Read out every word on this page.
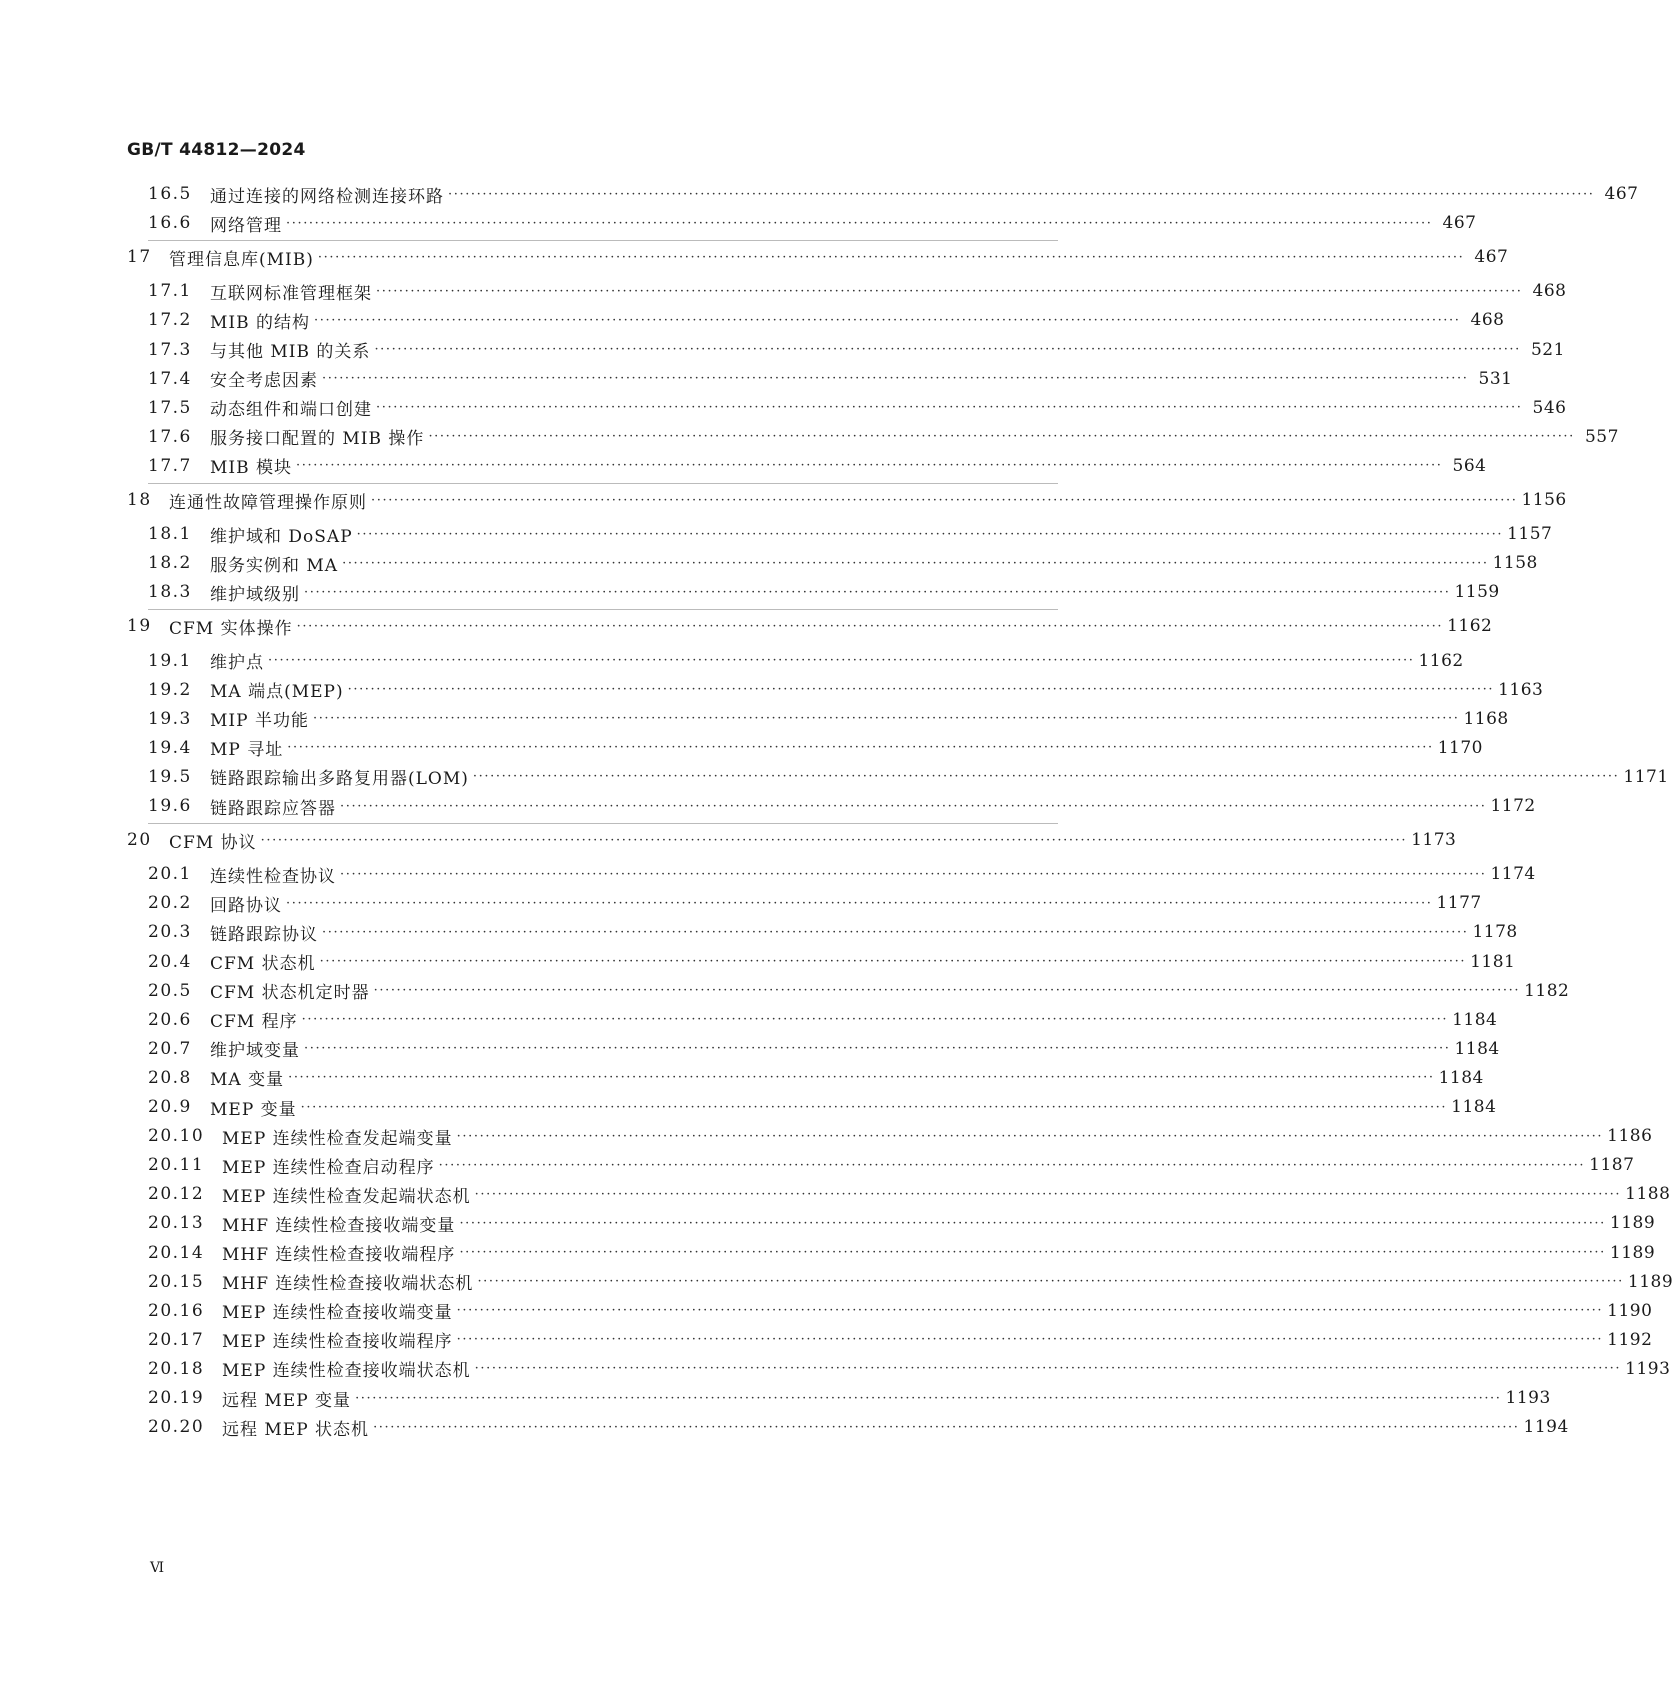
GB/T 44812—2024
16.5	通过连接的网络检测连接环路 ········································································································································································································ 467
16.6	网络管理 ········································································································································································································ 467
17	管理信息库(MIB) ········································································································································································································ 467
17.1	互联网标准管理框架 ········································································································································································································ 468
17.2	MIB 的结构 ········································································································································································································ 468
17.3	与其他 MIB 的关系 ········································································································································································································ 521
17.4	安全考虑因素 ········································································································································································································ 531
17.5	动态组件和端口创建 ········································································································································································································ 546
17.6	服务接口配置的 MIB 操作 ········································································································································································································ 557
17.7	MIB 模块 ········································································································································································································ 564
18	连通性故障管理操作原则 ········································································································································································································ 1156
18.1	维护域和 DoSAP ········································································································································································································ 1157
18.2	服务实例和 MA ········································································································································································································ 1158
18.3	维护域级别 ········································································································································································································ 1159
19	CFM 实体操作 ········································································································································································································ 1162
19.1	维护点 ········································································································································································································ 1162
19.2	MA 端点(MEP) ········································································································································································································ 1163
19.3	MIP 半功能 ········································································································································································································ 1168
19.4	MP 寻址 ········································································································································································································ 1170
19.5	链路跟踪输出多路复用器(LOM) ········································································································································································································ 1171
19.6	链路跟踪应答器 ········································································································································································································ 1172
20	CFM 协议 ········································································································································································································ 1173
20.1	连续性检查协议 ········································································································································································································ 1174
20.2	回路协议 ········································································································································································································ 1177
20.3	链路跟踪协议 ········································································································································································································ 1178
20.4	CFM 状态机 ········································································································································································································ 1181
20.5	CFM 状态机定时器 ········································································································································································································ 1182
20.6	CFM 程序 ········································································································································································································ 1184
20.7	维护域变量 ········································································································································································································ 1184
20.8	MA 变量 ········································································································································································································ 1184
20.9	MEP 变量 ········································································································································································································ 1184
20.10	MEP 连续性检查发起端变量 ········································································································································································································ 1186
20.11	MEP 连续性检查启动程序 ········································································································································································································ 1187
20.12	MEP 连续性检查发起端状态机 ········································································································································································································ 1188
20.13	MHF 连续性检查接收端变量 ········································································································································································································ 1189
20.14	MHF 连续性检查接收端程序 ········································································································································································································ 1189
20.15	MHF 连续性检查接收端状态机 ········································································································································································································ 1189
20.16	MEP 连续性检查接收端变量 ········································································································································································································ 1190
20.17	MEP 连续性检查接收端程序 ········································································································································································································ 1192
20.18	MEP 连续性检查接收端状态机 ········································································································································································································ 1193
20.19	远程 MEP 变量 ········································································································································································································ 1193
20.20	远程 MEP 状态机 ········································································································································································································ 1194
Ⅵ
